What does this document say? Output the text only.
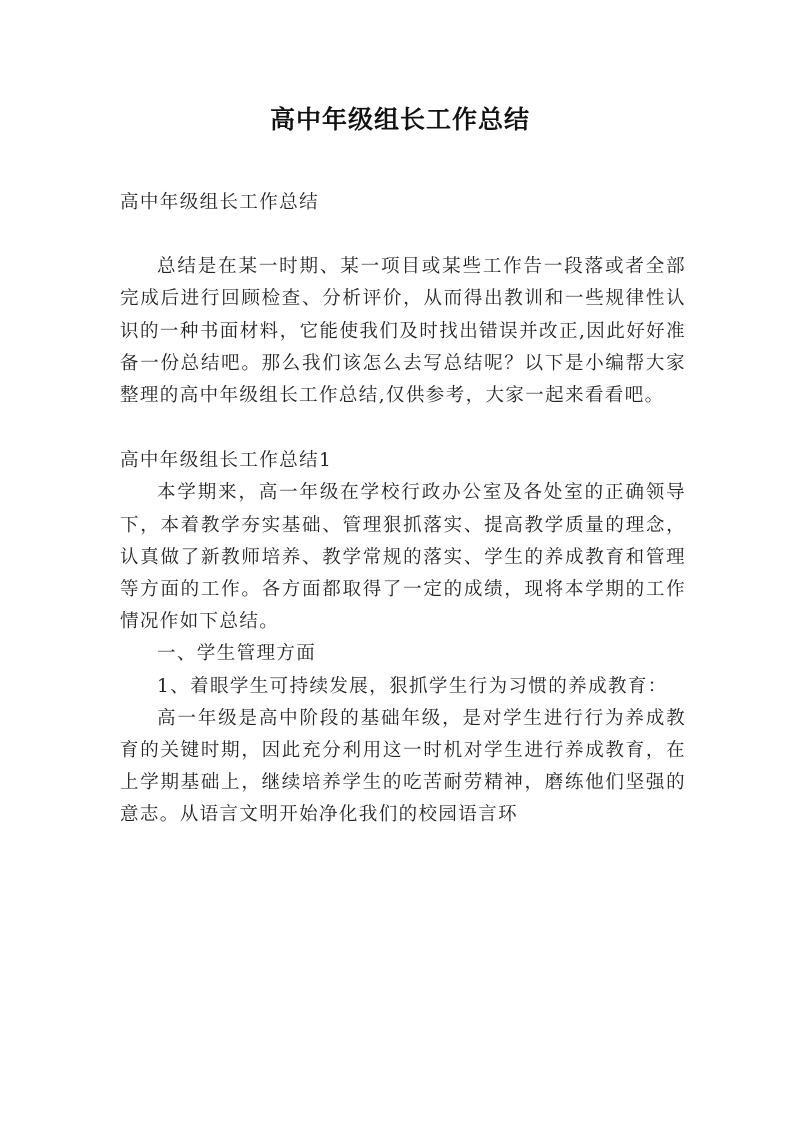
高中年级组长工作总结

高中年级组长工作总结

总结是在某一时期、某一项目或某些工作告一段落或者全部完成后进行回顾检查、分析评价，从而得出教训和一些规律性认识的一种书面材料，它能使我们及时找出错误并改正,因此好好准备一份总结吧。那么我们该怎么去写总结呢？以下是小编帮大家整理的高中年级组长工作总结,仅供参考，大家一起来看看吧。

高中年级组长工作总结1

本学期来，高一年级在学校行政办公室及各处室的正确领导下，本着教学夯实基础、管理狠抓落实、提高教学质量的理念，认真做了新教师培养、教学常规的落实、学生的养成教育和管理等方面的工作。各方面都取得了一定的成绩，现将本学期的工作情况作如下总结。

一、学生管理方面

1、着眼学生可持续发展，狠抓学生行为习惯的养成教育：

高一年级是高中阶段的基础年级，是对学生进行行为养成教育的关键时期，因此充分利用这一时机对学生进行养成教育，在上学期基础上，继续培养学生的吃苦耐劳精神，磨练他们坚强的意志。从语言文明开始净化我们的校园语言环
